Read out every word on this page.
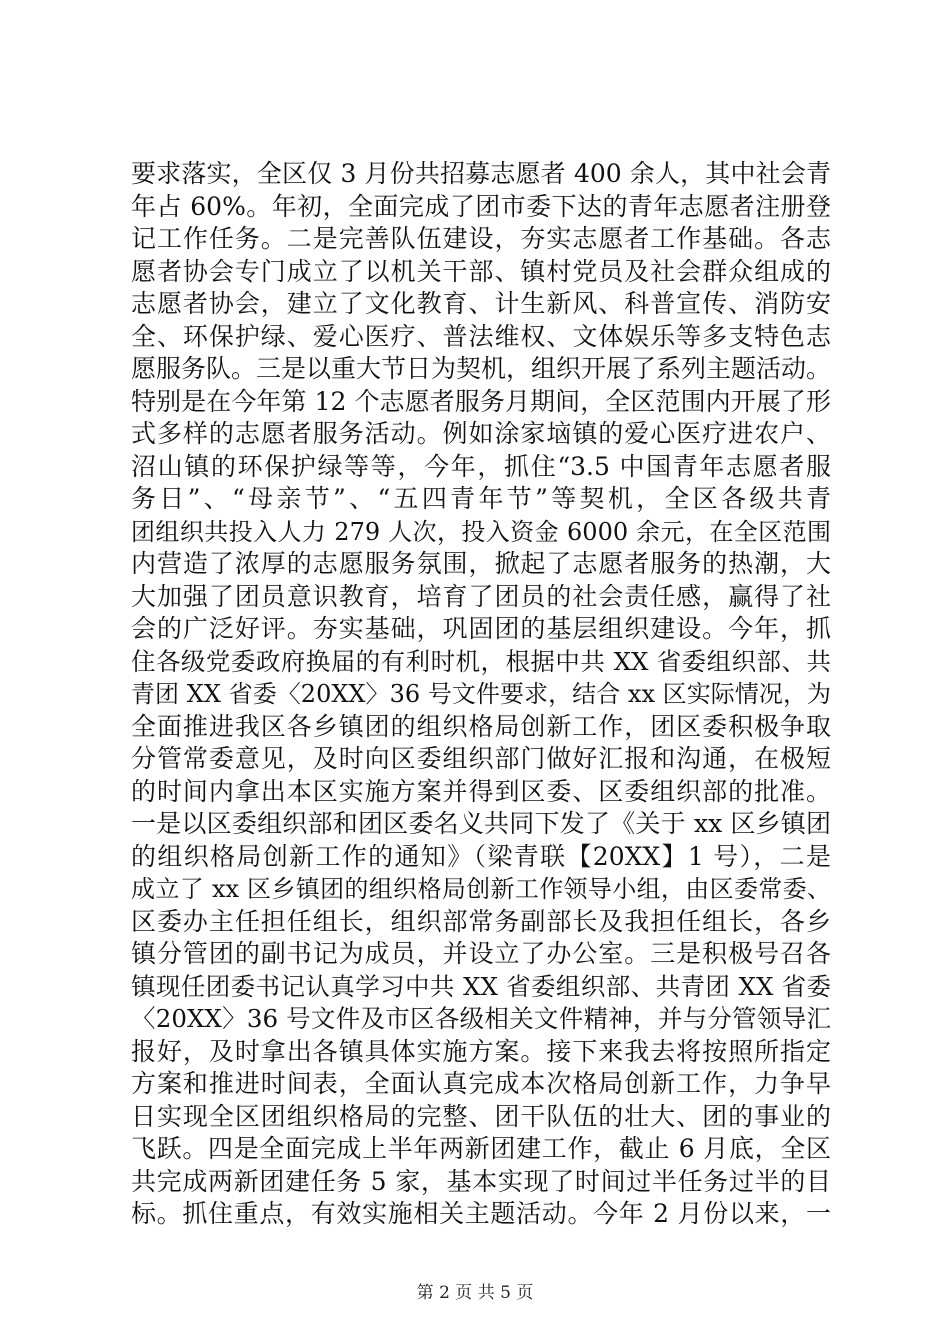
要求落实，全区仅 3 月份共招募志愿者 400 余人，其中社会青
年占 60%。年初，全面完成了团市委下达的青年志愿者注册登
记工作任务。二是完善队伍建设，夯实志愿者工作基础。各志
愿者协会专门成立了以机关干部、镇村党员及社会群众组成的
志愿者协会，建立了文化教育、计生新风、科普宣传、消防安
全、环保护绿、爱心医疗、普法维权、文体娱乐等多支特色志
愿服务队。三是以重大节日为契机，组织开展了系列主题活动。
特别是在今年第 12 个志愿者服务月期间，全区范围内开展了形
式多样的志愿者服务活动。例如涂家垴镇的爱心医疗进农户、
沼山镇的环保护绿等等，今年，抓住“3.5 中国青年志愿者服
务日”、“母亲节”、“五四青年节”等契机，全区各级共青
团组织共投入人力 279 人次，投入资金 6000 余元，在全区范围
内营造了浓厚的志愿服务氛围，掀起了志愿者服务的热潮，大
大加强了团员意识教育，培育了团员的社会责任感，赢得了社
会的广泛好评。夯实基础，巩固团的基层组织建设。今年，抓
住各级党委政府换届的有利时机，根据中共 XX 省委组织部、共
青团 XX 省委〈20XX〉36 号文件要求，结合 xx 区实际情况，为
全面推进我区各乡镇团的组织格局创新工作，团区委积极争取
分管常委意见，及时向区委组织部门做好汇报和沟通，在极短
的时间内拿出本区实施方案并得到区委、区委组织部的批准。
一是以区委组织部和团区委名义共同下发了《关于 xx 区乡镇团
的组织格局创新工作的通知》（梁青联【20XX】1 号），二是
成立了 xx 区乡镇团的组织格局创新工作领导小组，由区委常委、
区委办主任担任组长，组织部常务副部长及我担任组长，各乡
镇分管团的副书记为成员，并设立了办公室。三是积极号召各
镇现任团委书记认真学习中共 XX 省委组织部、共青团 XX 省委
〈20XX〉36 号文件及市区各级相关文件精神，并与分管领导汇
报好，及时拿出各镇具体实施方案。接下来我去将按照所指定
方案和推进时间表，全面认真完成本次格局创新工作，力争早
日实现全区团组织格局的完整、团干队伍的壮大、团的事业的
飞跃。四是全面完成上半年两新团建工作，截止 6 月底，全区
共完成两新团建任务 5 家，基本实现了时间过半任务过半的目
标。抓住重点，有效实施相关主题活动。今年 2 月份以来，一
第 2 页 共 5 页
